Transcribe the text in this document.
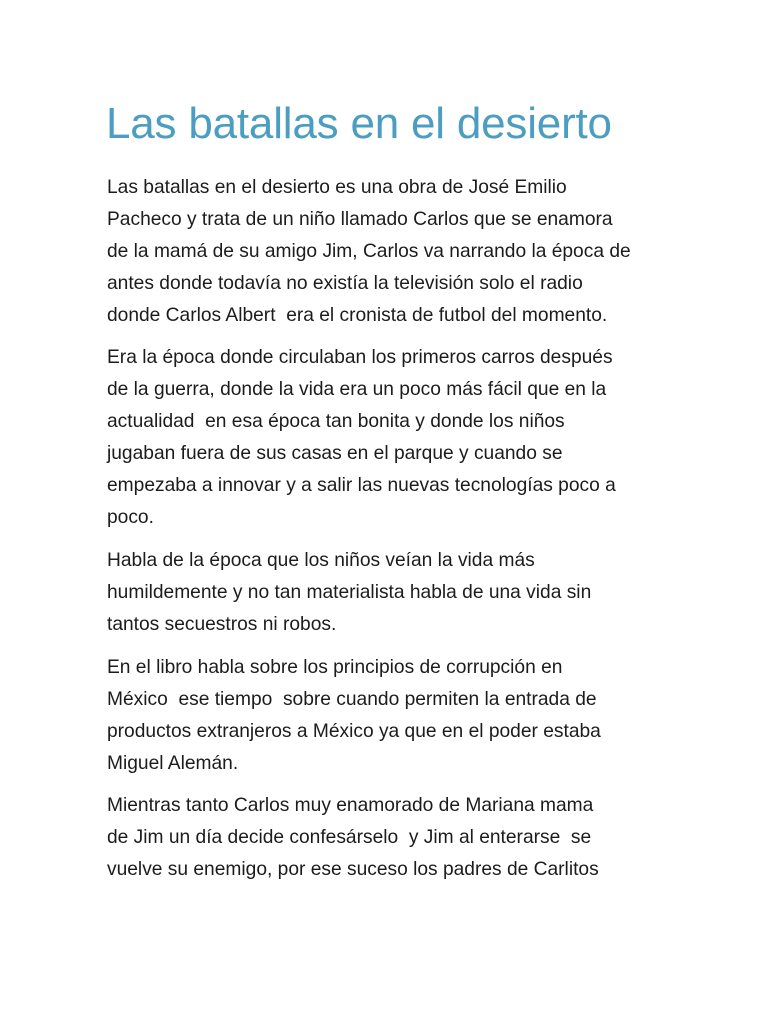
Las batallas en el desierto
Las batallas en el desierto es una obra de José Emilio
Pacheco y trata de un niño llamado Carlos que se enamora
de la mamá de su amigo Jim, Carlos va narrando la época de
antes donde todavía no existía la televisión solo el radio
donde Carlos Albert  era el cronista de futbol del momento.
Era la época donde circulaban los primeros carros después
de la guerra, donde la vida era un poco más fácil que en la
actualidad  en esa época tan bonita y donde los niños
jugaban fuera de sus casas en el parque y cuando se
empezaba a innovar y a salir las nuevas tecnologías poco a
poco.
Habla de la época que los niños veían la vida más
humildemente y no tan materialista habla de una vida sin
tantos secuestros ni robos.
En el libro habla sobre los principios de corrupción en
México  ese tiempo  sobre cuando permiten la entrada de
productos extranjeros a México ya que en el poder estaba
Miguel Alemán.
Mientras tanto Carlos muy enamorado de Mariana mama
de Jim un día decide confesárselo  y Jim al enterarse  se
vuelve su enemigo, por ese suceso los padres de Carlitos
